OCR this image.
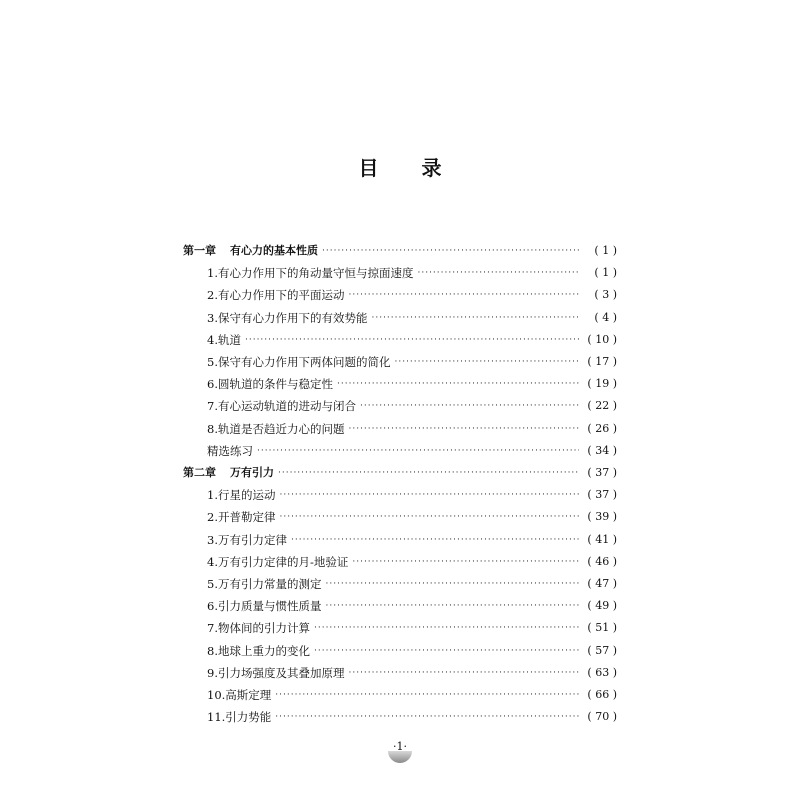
目 录
第一章 有心力的基本性质 ·····	( 1 )
1.有心力作用下的角动量守恒与掠面速度 ·····	( 1 )
2.有心力作用下的平面运动 ·····	( 3 )
3.保守有心力作用下的有效势能 ·····	( 4 )
4.轨道 ·····	( 10 )
5.保守有心力作用下两体问题的简化 ·····	( 17 )
6.圆轨道的条件与稳定性 ·····	( 19 )
7.有心运动轨道的进动与闭合 ·····	( 22 )
8.轨道是否趋近力心的问题 ·····	( 26 )
精选练习 ·····	( 34 )
第二章 万有引力 ·····	( 37 )
1.行星的运动 ·····	( 37 )
2.开普勒定律 ·····	( 39 )
3.万有引力定律 ·····	( 41 )
4.万有引力定律的月-地验证 ·····	( 46 )
5.万有引力常量的测定 ·····	( 47 )
6.引力质量与惯性质量 ·····	( 49 )
7.物体间的引力计算 ·····	( 51 )
8.地球上重力的变化 ·····	( 57 )
9.引力场强度及其叠加原理 ·····	( 63 )
10.高斯定理 ·····	( 66 )
11.引力势能 ·····	( 70 )
·1·
